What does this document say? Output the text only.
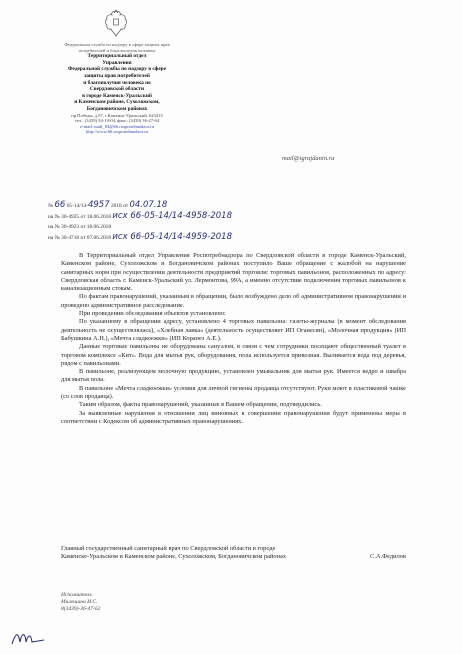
Федеральная служба по надзору в сфере защиты прав
потребителей и благополучия человека
Территориальный отдел
Управления
Федеральной службы по надзору в сфере
защиты прав потребителей
и благополучия человека по
Свердловской области
в городе Каменск-Уральский
и Каменском районе, Сухоложском,
Богдановичском районах
пр.Победы, д.97, г.Каменск-Уральский, 623415
тел.: (3439) 34-10-04, факс: (3439) 36-47-64
e-mail: mail_03@66.rospotrebnadzor.ru
http://www.66.rospotrebnadzor.ru
mail@igrajdanin.ru
№ 66 05-14/14-4957 2018 от 04.07.18
на № 30-4925 от 18.06.2018 исх 66-05-14/14-4958-2018
на № 30-4923 от 18.06.2018
на № 30-4718 от 07.06.2018 исх 66-05-14/14-4959-2018

В Территориальный отдел Управления Роспотребнадзора по Свердловской области в городе Каменск-Уральский, Каменском районе, Сухоложском и Богдановичском районах поступило Ваше обращение с жалобой на нарушение санитарных норм при осуществлении деятельности предприятий торговли: торговых павильонов, расположенных по адресу: Свердловская область г. Каменск-Уральский ул. Лермонтова, 99А, а именно отсутствие подключения торговых павильонов к канализационным стокам.

По фактам правонарушений, указанным в обращении, было возбуждено дело об административном правонарушении и проведено административное расследование.

При проведении обследования объектов установлено:

По указанному в обращении адресу, установлено 4 торговых павильона: газеты-журналы (в момент обследования деятельность не осуществлялась), «Хлебная лавка» (деятельность осуществляет ИП Оганесян), «Молочная продукция» (ИП Бабушкина А.Н.), «Мечта сладкоежки» (ИП Корапез А.Е.).

Данные торговые павильоны не оборудованы санузлом, в связи с чем сотрудники посещают общественный туалет в торговом комплексе «Кит». Вода для мытья рук, оборудования, пола используется привозная. Выливается вода под деревья, рядом с павильонами.

В павильоне, реализующем молочную продукцию, установлен умывальник для мытья рук. Имеется ведро и швабра для мытья пола.

В павильоне «Мечта сладкоежки» условия для личной гигиены продавца отсутствуют. Руки моют в пластиковой чашке (со слов продавца).

Таким образом, факты правонарушений, указанные в Вашем обращении, подтвердились.

За выявленные нарушения в отношении лиц виновных в совершении правонарушения будут применены меры в соответствии с Кодексом об административных правонарушениях.

Главный государственный санитарный врач по Свердловской области в городе Каменске-Уральском и Каменском районе, Сухоложском, Богдановичском районах	С.А.Федилов
Исполнитель
Милешина И.С.
8(3439)-36-47-62
